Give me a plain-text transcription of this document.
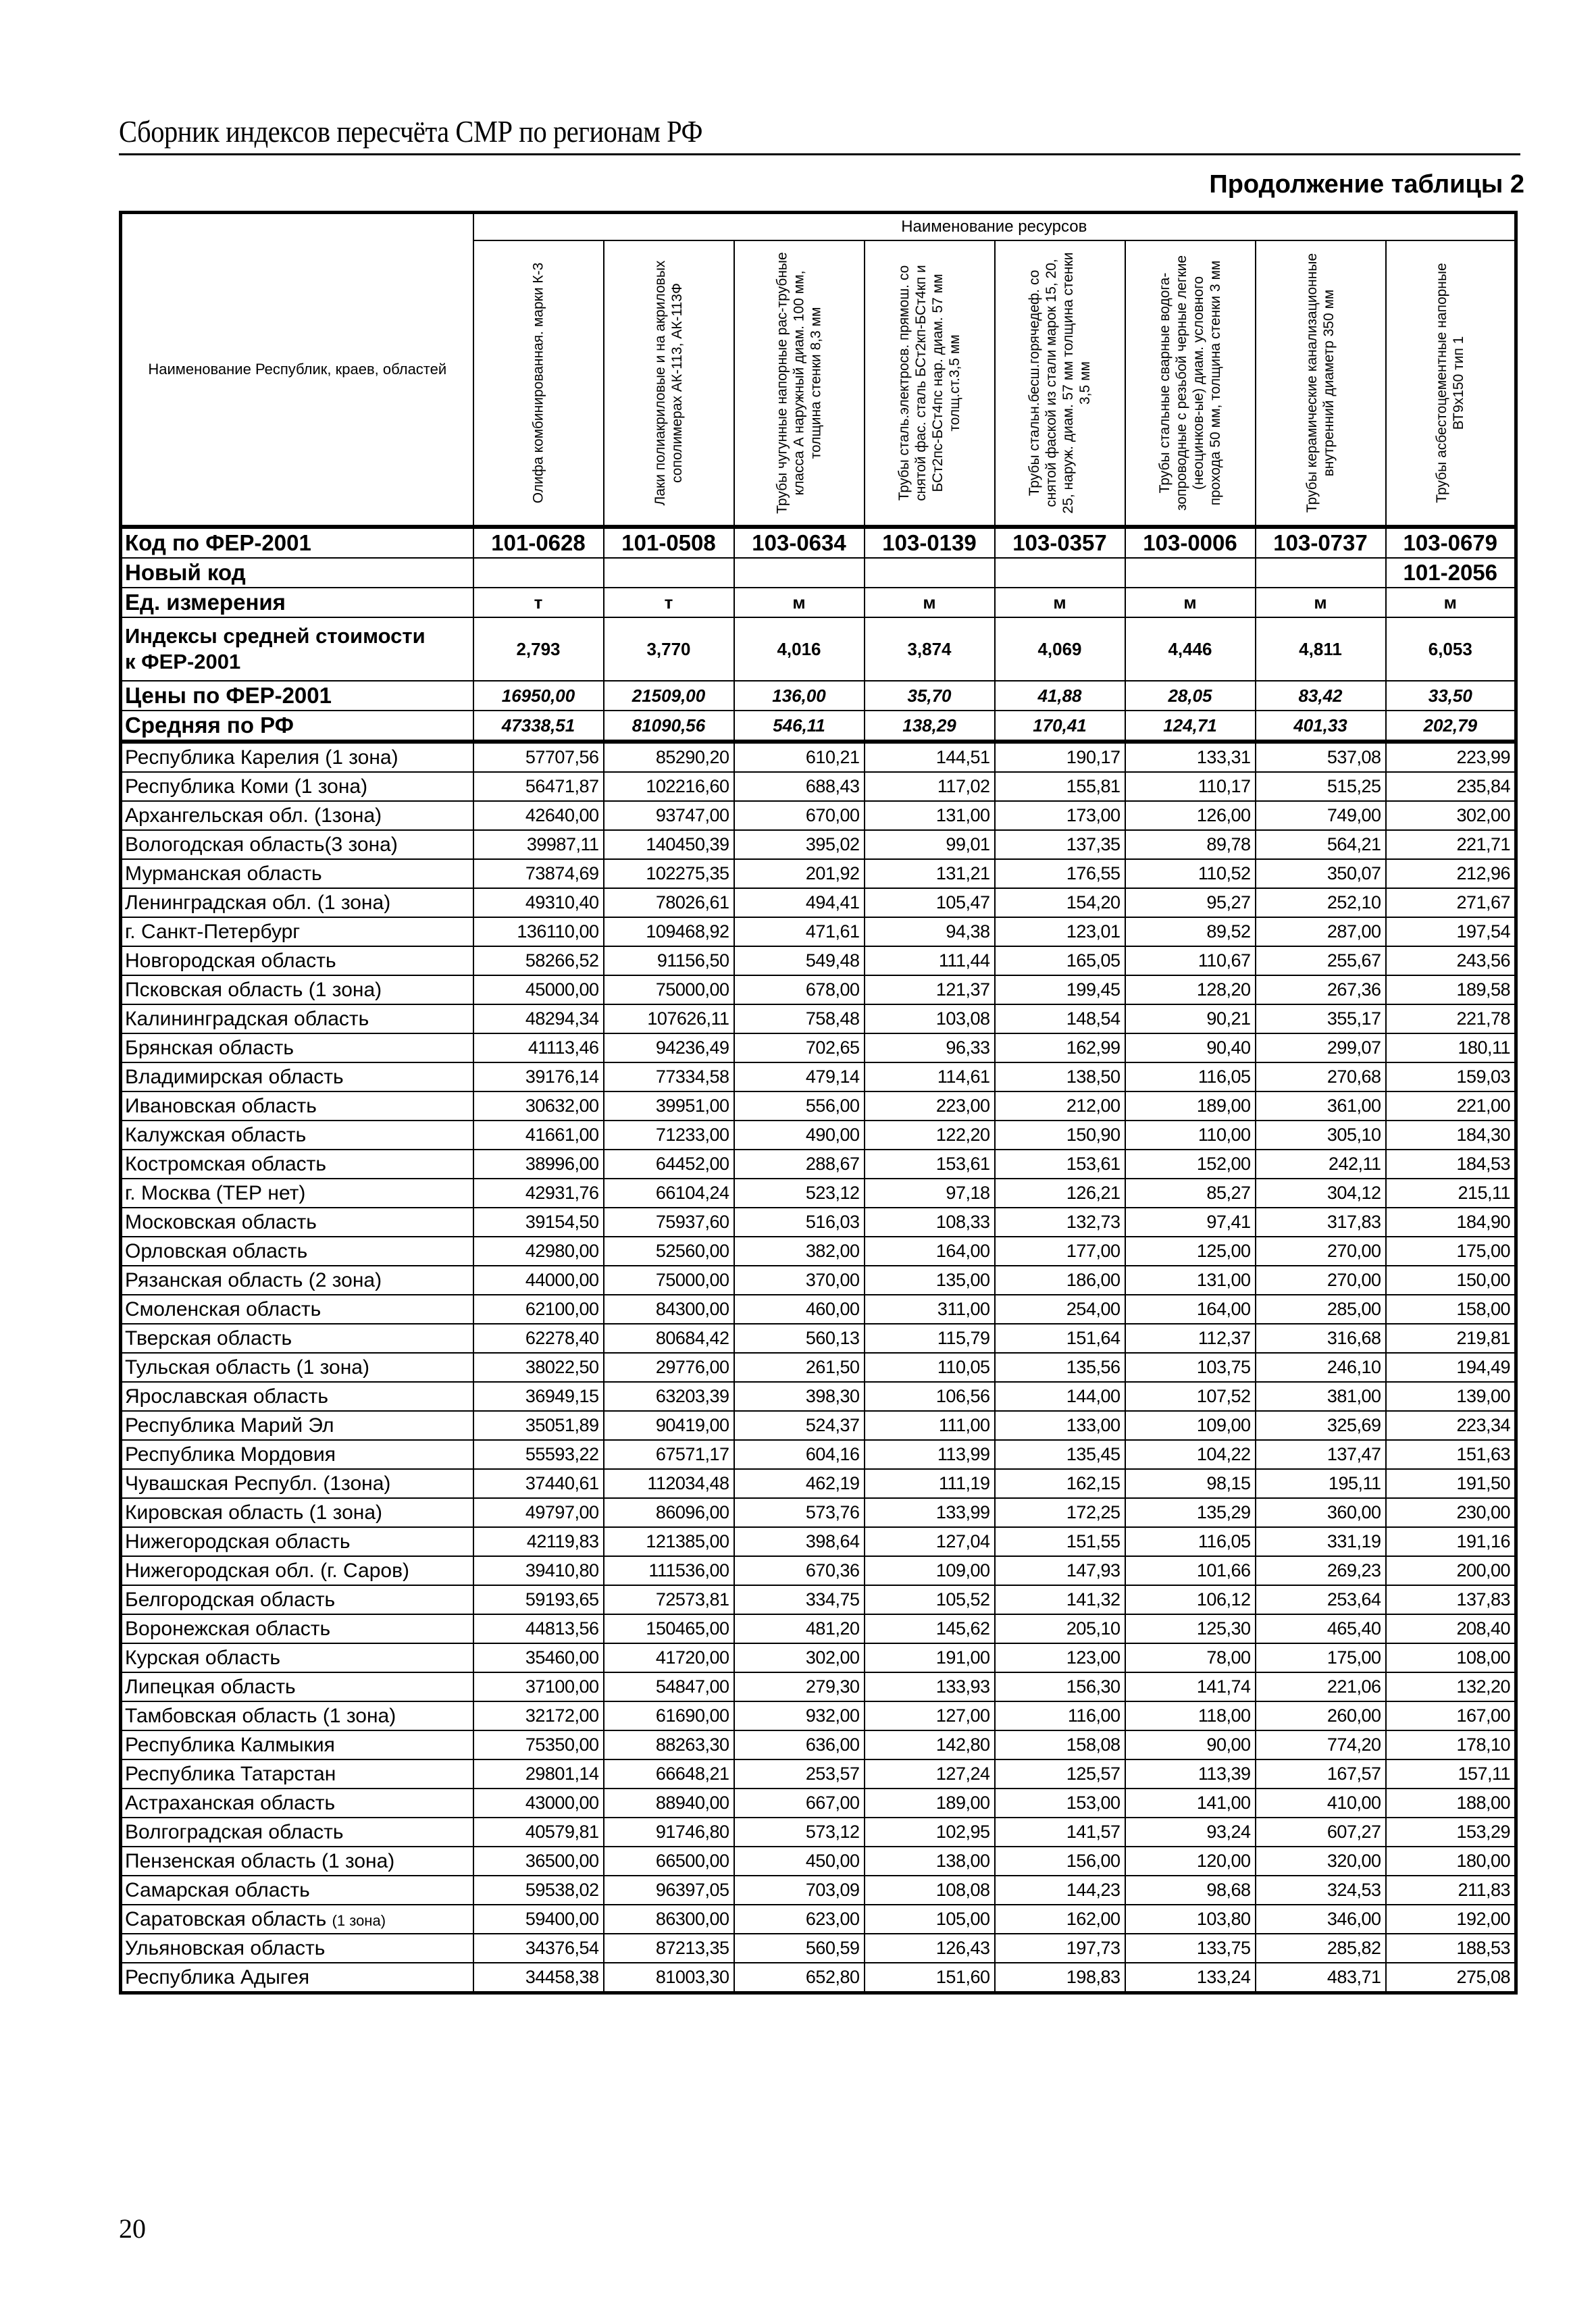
Сборник индексов пересчёта СМР по регионам РФ
Продолжение таблицы 2
Наименование Республик, краев, областей	Наименование ресурсов							

	Олифа комбинированная. марки К-3	Лаки полиакриловые и на акриловых сополимерах АК-113, АК-113Ф	Трубы чугунные напорные рас-трубные класса А наружный диам. 100 мм, толщина стенки 8,3 мм	Трубы сталь.электросв. прямош. со снятой фас. сталь БСт2кп-БСт4кп и БСт2пс-БСт4пс нар. диам. 57 мм толщ.ст.3,5 мм	Трубы стальн.бесш.горячедеф. со снятой фаской из стали марок 15, 20, 25, наруж. диам. 57 мм толщина стенки 3,5 мм	Трубы стальные сварные водога-зопроводные с резьбой черные легкие (неоцинков-ые) диам. условного прохода 50 мм, толщина стенки 3 мм	Трубы керамические канализационные внутренний диаметр 350 мм	Трубы асбестоцементные напорные ВТ9х150 тип 1

Код по ФЕР-2001	101-0628	101-0508	103-0634	103-0139	103-0357	103-0006	103-0737	103-0679
Новый код								101-2056
Ед. измерения	т	т	м	м	м	м	м	м

Индексы средней стоимости
к ФЕР-2001	2,793	3,770	4,016	3,874	4,069	4,446	4,811	6,053
Цены по ФЕР-2001	16950,00	21509,00	136,00	35,70	41,88	28,05	83,42	33,50
Средняя по РФ	47338,51	81090,56	546,11	138,29	170,41	124,71	401,33	202,79
Республика Карелия (1 зона)	57707,56	85290,20	610,21	144,51	190,17	133,31	537,08	223,99
Республика Коми (1 зона)	56471,87	102216,60	688,43	117,02	155,81	110,17	515,25	235,84
Архангельская обл. (1зона)	42640,00	93747,00	670,00	131,00	173,00	126,00	749,00	302,00
Вологодская область(3 зона)	39987,11	140450,39	395,02	99,01	137,35	89,78	564,21	221,71
Мурманская область	73874,69	102275,35	201,92	131,21	176,55	110,52	350,07	212,96
Ленинградская обл. (1 зона)	49310,40	78026,61	494,41	105,47	154,20	95,27	252,10	271,67
г. Санкт-Петербург	136110,00	109468,92	471,61	94,38	123,01	89,52	287,00	197,54
Новгородская область	58266,52	91156,50	549,48	111,44	165,05	110,67	255,67	243,56
Псковская область (1 зона)	45000,00	75000,00	678,00	121,37	199,45	128,20	267,36	189,58
Калининградская область	48294,34	107626,11	758,48	103,08	148,54	90,21	355,17	221,78
Брянская область	41113,46	94236,49	702,65	96,33	162,99	90,40	299,07	180,11
Владимирская область	39176,14	77334,58	479,14	114,61	138,50	116,05	270,68	159,03
Ивановская область	30632,00	39951,00	556,00	223,00	212,00	189,00	361,00	221,00
Калужская область	41661,00	71233,00	490,00	122,20	150,90	110,00	305,10	184,30
Костромская область	38996,00	64452,00	288,67	153,61	153,61	152,00	242,11	184,53
г. Москва (ТЕР нет)	42931,76	66104,24	523,12	97,18	126,21	85,27	304,12	215,11
Московская область	39154,50	75937,60	516,03	108,33	132,73	97,41	317,83	184,90
Орловская область	42980,00	52560,00	382,00	164,00	177,00	125,00	270,00	175,00
Рязанская область (2 зона)	44000,00	75000,00	370,00	135,00	186,00	131,00	270,00	150,00
Смоленская область	62100,00	84300,00	460,00	311,00	254,00	164,00	285,00	158,00
Тверская область	62278,40	80684,42	560,13	115,79	151,64	112,37	316,68	219,81
Тульская область (1 зона)	38022,50	29776,00	261,50	110,05	135,56	103,75	246,10	194,49
Ярославская область	36949,15	63203,39	398,30	106,56	144,00	107,52	381,00	139,00
Республика Марий Эл	35051,89	90419,00	524,37	111,00	133,00	109,00	325,69	223,34
Республика Мордовия	55593,22	67571,17	604,16	113,99	135,45	104,22	137,47	151,63
Чувашская Республ. (1зона)	37440,61	112034,48	462,19	111,19	162,15	98,15	195,11	191,50
Кировская область (1 зона)	49797,00	86096,00	573,76	133,99	172,25	135,29	360,00	230,00
Нижегородская область	42119,83	121385,00	398,64	127,04	151,55	116,05	331,19	191,16
Нижегородская обл. (г. Саров)	39410,80	111536,00	670,36	109,00	147,93	101,66	269,23	200,00
Белгородская область	59193,65	72573,81	334,75	105,52	141,32	106,12	253,64	137,83
Воронежская область	44813,56	150465,00	481,20	145,62	205,10	125,30	465,40	208,40
Курская область	35460,00	41720,00	302,00	191,00	123,00	78,00	175,00	108,00
Липецкая область	37100,00	54847,00	279,30	133,93	156,30	141,74	221,06	132,20
Тамбовская область (1 зона)	32172,00	61690,00	932,00	127,00	116,00	118,00	260,00	167,00
Республика Калмыкия	75350,00	88263,30	636,00	142,80	158,08	90,00	774,20	178,10
Республика Татарстан	29801,14	66648,21	253,57	127,24	125,57	113,39	167,57	157,11
Астраханская область	43000,00	88940,00	667,00	189,00	153,00	141,00	410,00	188,00
Волгоградская область	40579,81	91746,80	573,12	102,95	141,57	93,24	607,27	153,29
Пензенская область (1 зона)	36500,00	66500,00	450,00	138,00	156,00	120,00	320,00	180,00
Самарская область	59538,02	96397,05	703,09	108,08	144,23	98,68	324,53	211,83
Саратовская область (1 зона)	59400,00	86300,00	623,00	105,00	162,00	103,80	346,00	192,00
Ульяновская область	34376,54	87213,35	560,59	126,43	197,73	133,75	285,82	188,53
Республика Адыгея	34458,38	81003,30	652,80	151,60	198,83	133,24	483,71	275,08
20
